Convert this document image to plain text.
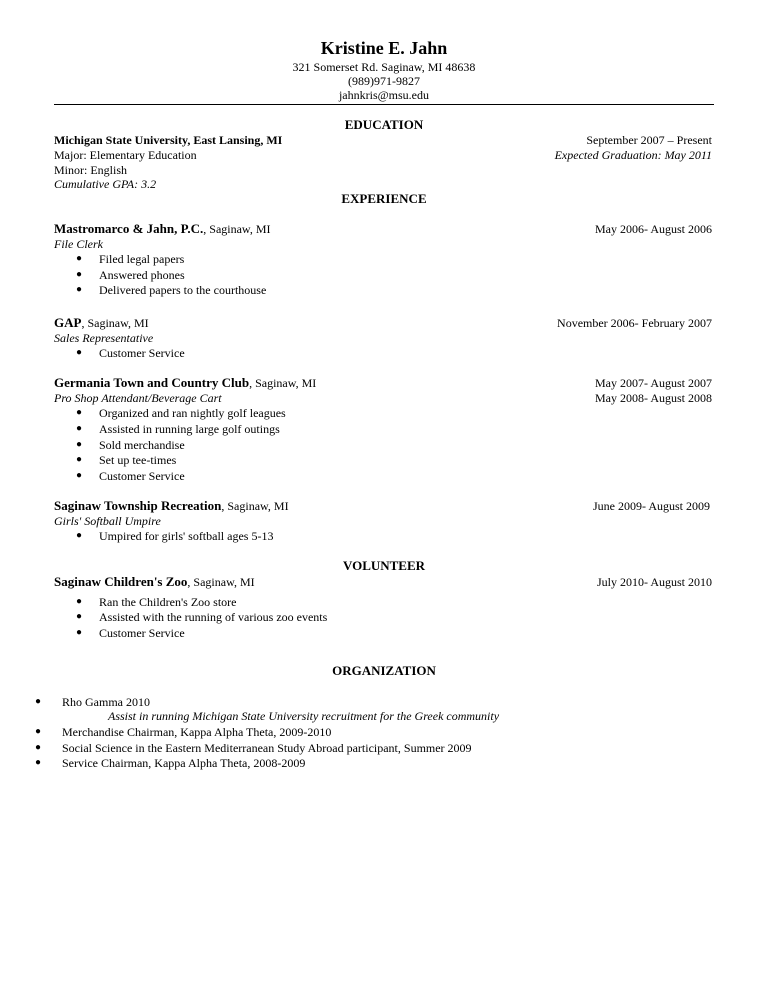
Kristine E. Jahn
321 Somerset Rd. Saginaw, MI 48638
(989)971-9827
jahnkris@msu.edu
EDUCATION
Michigan State University, East Lansing, MI	September 2007 – Present
Major: Elementary Education	Expected Graduation: May 2011
Minor: English
Cumulative GPA: 3.2
EXPERIENCE
Mastromarco & Jahn, P.C., Saginaw, MI	May 2006- August 2006
File Clerk
● Filed legal papers
● Answered phones
● Delivered papers to the courthouse
GAP, Saginaw, MI	November 2006- February 2007
Sales Representative
● Customer Service
Germania Town and Country Club, Saginaw, MI	May 2007- August 2007
Pro Shop Attendant/Beverage Cart	May 2008- August 2008
● Organized and ran nightly golf leagues
● Assisted in running large golf outings
● Sold merchandise
● Set up tee-times
● Customer Service
Saginaw Township Recreation, Saginaw, MI	June 2009- August 2009
Girls' Softball Umpire
● Umpired for girls' softball ages 5-13
VOLUNTEER
Saginaw Children's Zoo, Saginaw, MI	July 2010- August 2010
● Ran the Children's Zoo store
● Assisted with the running of various zoo events
● Customer Service
ORGANIZATION
● Rho Gamma 2010
Assist in running Michigan State University recruitment for the Greek community
● Merchandise Chairman, Kappa Alpha Theta, 2009-2010
● Social Science in the Eastern Mediterranean Study Abroad participant, Summer 2009
● Service Chairman, Kappa Alpha Theta, 2008-2009
